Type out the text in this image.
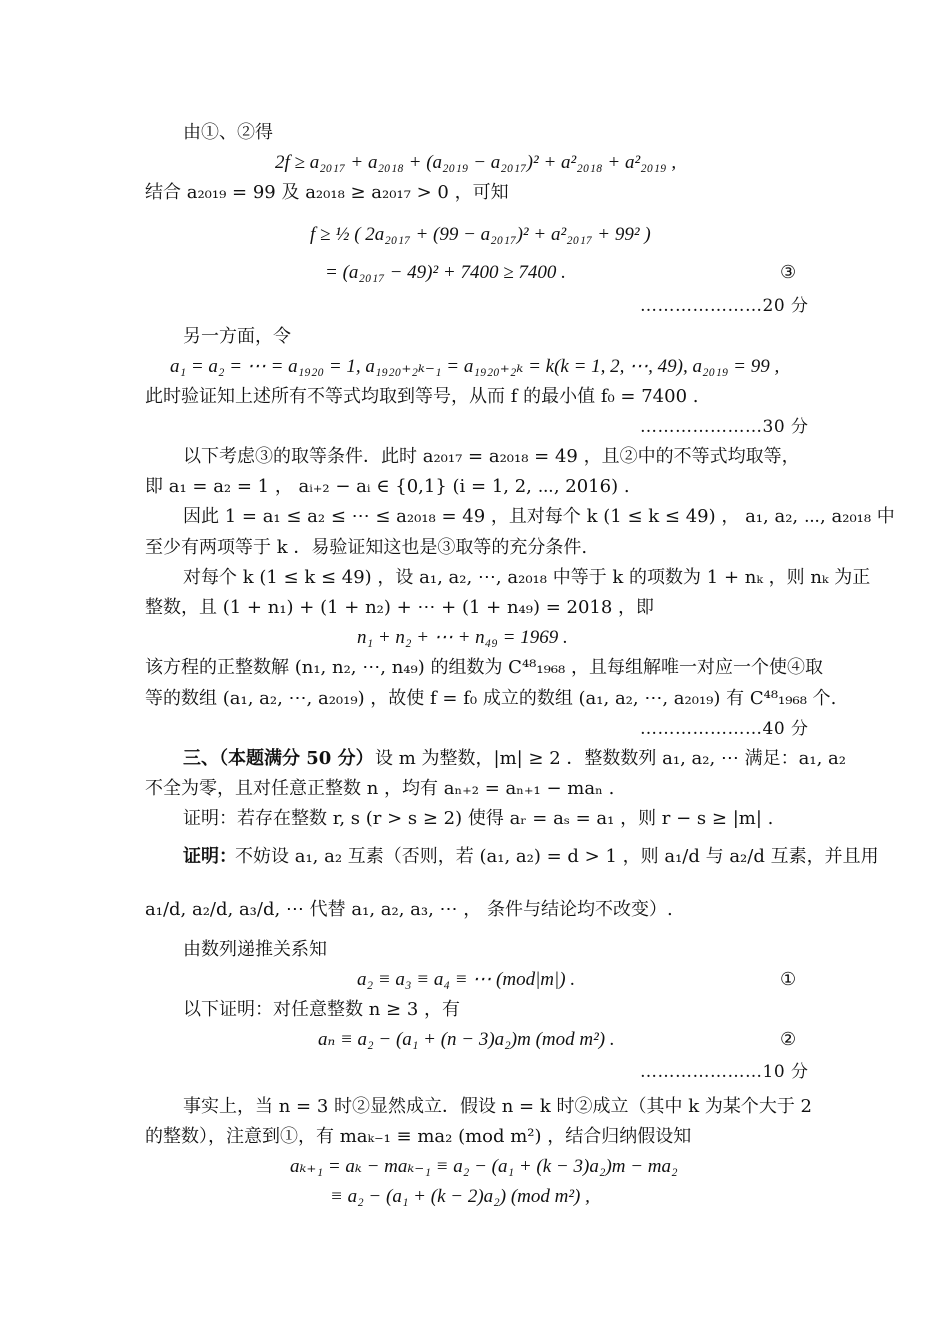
由①、②得
2f ≥ a₂₀₁₇ + a₂₀₁₈ + (a₂₀₁₉ − a₂₀₁₇)² + a²₂₀₁₈ + a²₂₀₁₉ ,
结合 a₂₀₁₉ = 99 及 a₂₀₁₈ ≥ a₂₀₁₇ > 0 ，可知
f ≥ ½ ( 2a₂₀₁₇ + (99 − a₂₀₁₇)² + a²₂₀₁₇ + 99² )
= (a₂₀₁₇ − 49)² + 7400 ≥ 7400 .	③
…………………20 分
另一方面，令
a₁ = a₂ = ⋯ = a₁₉₂₀ = 1, a₁₉₂₀₊₂ₖ₋₁ = a₁₉₂₀₊₂ₖ = k(k = 1, 2, ⋯, 49), a₂₀₁₉ = 99 ,
此时验证知上述所有不等式均取到等号，从而 f 的最小值 f₀ = 7400 .
…………………30 分
以下考虑③的取等条件．此时 a₂₀₁₇ = a₂₀₁₈ = 49 ，且②中的不等式均取等，
即 a₁ = a₂ = 1 ， aᵢ₊₂ − aᵢ ∈ {0,1} (i = 1, 2, ⋯, 2016) .
因此 1 = a₁ ≤ a₂ ≤ ⋯ ≤ a₂₀₁₈ = 49 ，且对每个 k (1 ≤ k ≤ 49) ， a₁, a₂, ⋯, a₂₀₁₈ 中
至少有两项等于 k ．易验证知这也是③取等的充分条件.
对每个 k (1 ≤ k ≤ 49) ，设 a₁, a₂, ⋯, a₂₀₁₈ 中等于 k 的项数为 1 + nₖ ，则 nₖ 为正
整数，且 (1 + n₁) + (1 + n₂) + ⋯ + (1 + n₄₉) = 2018 ，即
n₁ + n₂ + ⋯ + n₄₉ = 1969 .
该方程的正整数解 (n₁, n₂, ⋯, n₄₉) 的组数为 C⁴⁸₁₉₆₈ ，且每组解唯一对应一个使④取
等的数组 (a₁, a₂, ⋯, a₂₀₁₉) ，故使 f = f₀ 成立的数组 (a₁, a₂, ⋯, a₂₀₁₉) 有 C⁴⁸₁₉₆₈ 个.
…………………40 分
三、（本题满分 50 分） 设 m 为整数，|m| ≥ 2 ．整数数列 a₁, a₂, ⋯ 满足：a₁, a₂
不全为零，且对任意正整数 n ，均有 aₙ₊₂ = aₙ₊₁ − maₙ .
证明：若存在整数 r, s (r > s ≥ 2) 使得 aᵣ = aₛ = a₁ ，则 r − s ≥ |m| .
证明：
不妨设 a₁, a₂ 互素（否则，若 (a₁, a₂) = d > 1 ，则 a₁/d 与 a₂/d 互素，并且用
a₁/d, a₂/d, a₃/d, ⋯ 代替 a₁, a₂, a₃, ⋯ ， 条件与结论均不改变）.
由数列递推关系知
a₂ ≡ a₃ ≡ a₄ ≡ ⋯ (mod|m|) .	①
以下证明：对任意整数 n ≥ 3 ，有
aₙ ≡ a₂ − (a₁ + (n − 3)a₂)m (mod m²) .	②
…………………10 分
事实上，当 n = 3 时②显然成立．假设 n = k 时②成立（其中 k 为某个大于 2
的整数），注意到①，有 maₖ₋₁ ≡ ma₂ (mod m²) ，结合归纳假设知
aₖ₊₁ = aₖ − maₖ₋₁ ≡ a₂ − (a₁ + (k − 3)a₂)m − ma₂
≡ a₂ − (a₁ + (k − 2)a₂) (mod m²) ,
